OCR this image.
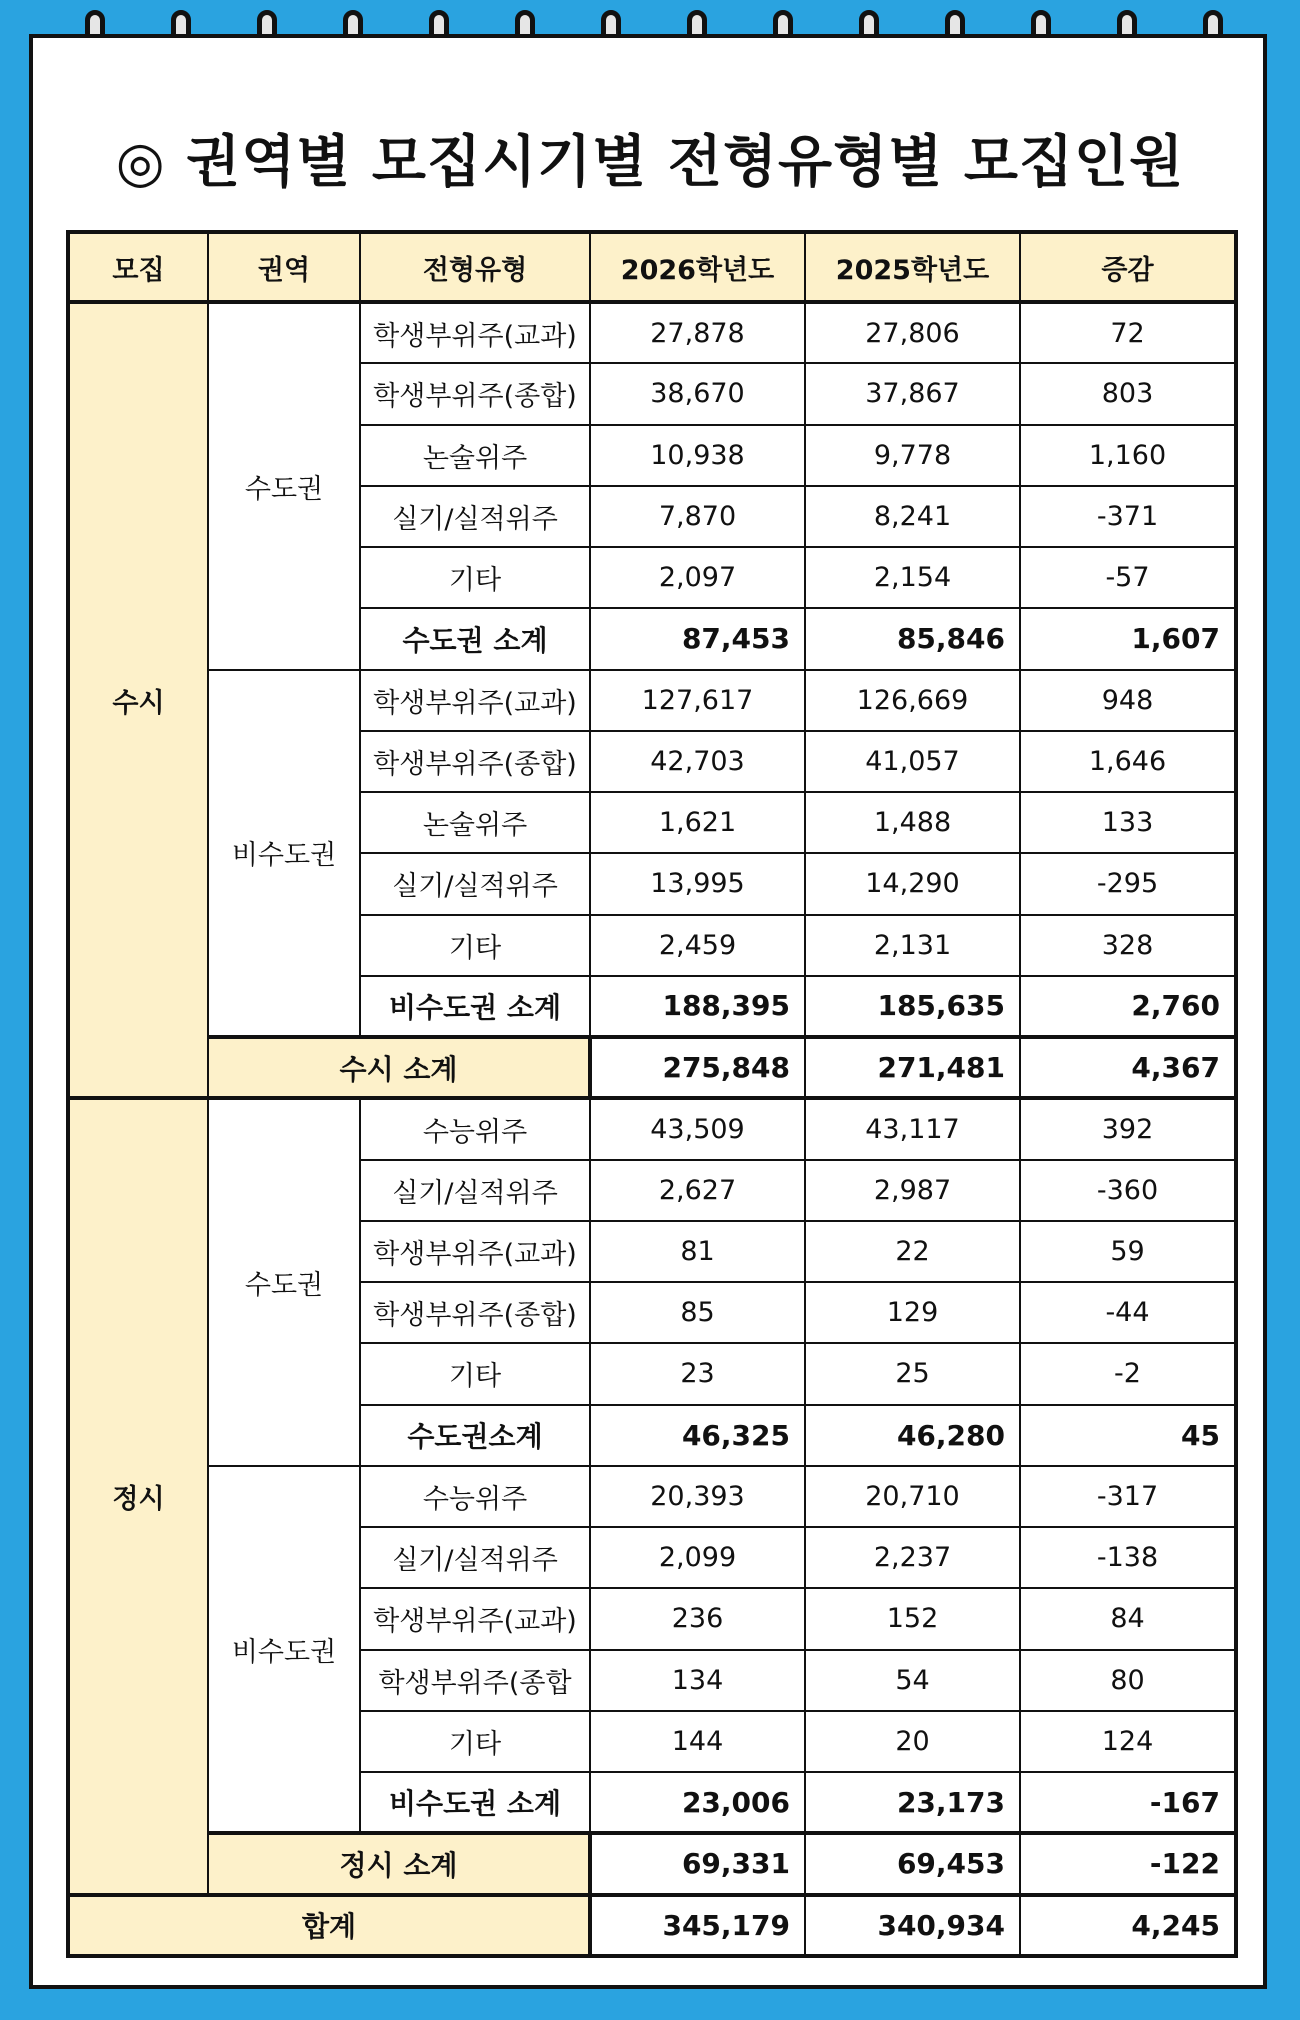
◎ 권역별 모집시기별 전형유형별 모집인원
모집	권역	전형유형	2026학년도	2025학년도	증감
수시	수도권	학생부위주(교과)	27,878	27,806	72
		학생부위주(종합)	38,670	37,867	803
		논술위주	10,938	9,778	1,160
		실기/실적위주	7,870	8,241	-371
		기타	2,097	2,154	-57
		수도권 소계	87,453	85,846	1,607
	비수도권	학생부위주(교과)	127,617	126,669	948
		학생부위주(종합)	42,703	41,057	1,646
		논술위주	1,621	1,488	133
		실기/실적위주	13,995	14,290	-295
		기타	2,459	2,131	328
		비수도권 소계	188,395	185,635	2,760
	수시 소계		275,848	271,481	4,367
정시	수도권	수능위주	43,509	43,117	392
		실기/실적위주	2,627	2,987	-360
		학생부위주(교과)	81	22	59
		학생부위주(종합)	85	129	-44
		기타	23	25	-2
		수도권소계	46,325	46,280	45
	비수도권	수능위주	20,393	20,710	-317
		실기/실적위주	2,099	2,237	-138
		학생부위주(교과)	236	152	84
		학생부위주(종합	134	54	80
		기타	144	20	124
		비수도권 소계	23,006	23,173	-167
	정시 소계		69,331	69,453	-122
합계			345,179	340,934	4,245
